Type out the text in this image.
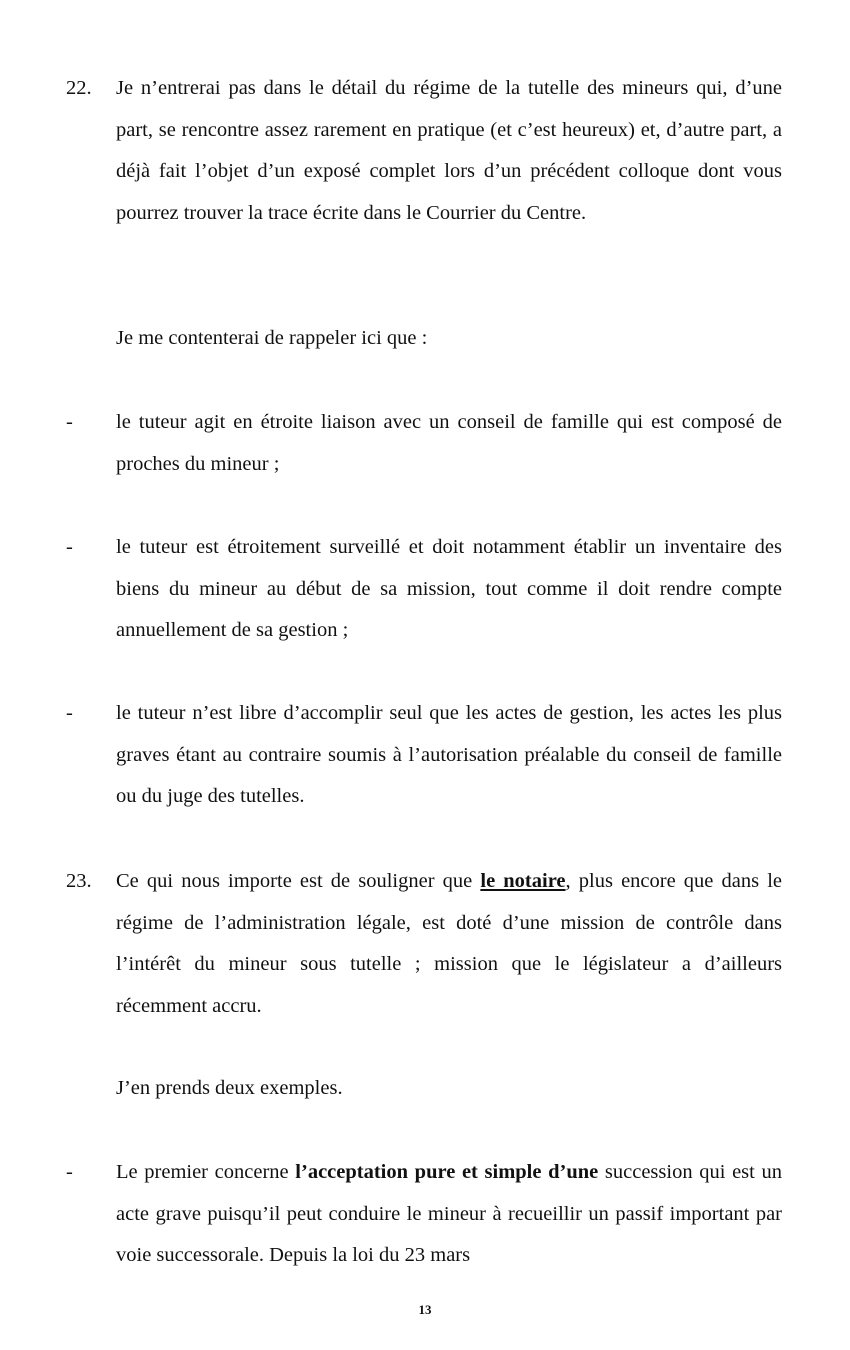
22.	Je n’entrerai pas dans le détail du régime de la tutelle des mineurs qui, d’une part, se rencontre assez rarement en pratique (et c’est heureux) et, d’autre part, a déjà fait l’objet d’un exposé complet lors d’un précédent colloque dont vous pourrez trouver la trace écrite dans le Courrier du Centre.
Je me contenterai de rappeler ici que :
-	le tuteur agit en étroite liaison avec un conseil de famille qui est composé de proches du mineur ;
-	le tuteur est étroitement surveillé et doit notamment établir un inventaire des biens du mineur au début de sa mission, tout comme il doit rendre compte annuellement de sa gestion ;
-	le tuteur n’est libre d’accomplir seul que les actes de gestion, les actes les plus graves étant au contraire soumis à l’autorisation préalable du conseil de famille ou du juge des tutelles.
23.	Ce qui nous importe est de souligner que le notaire, plus encore que dans le régime de l’administration légale, est doté d’une mission de contrôle dans l’intérêt du mineur sous tutelle ; mission que le législateur a d’ailleurs récemment accru.
J’en prends deux exemples.
-	Le premier concerne l’acceptation pure et simple d’une succession qui est un acte grave puisqu’il peut conduire le mineur à recueillir un passif important par voie successorale. Depuis la loi du 23 mars
13
